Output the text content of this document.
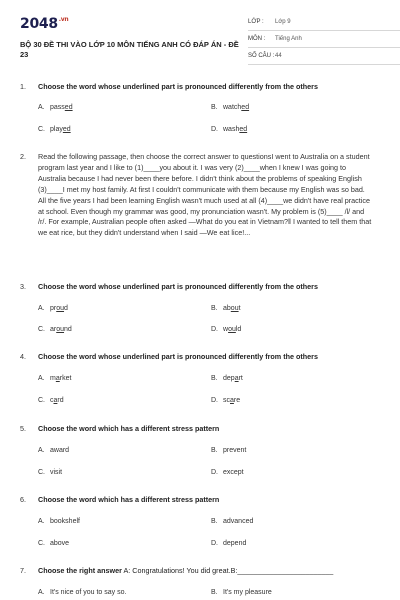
$2048^{.vn}$
BỘ 30 ĐỀ THI VÀO LỚP 10 MÔN TIẾNG ANH CÓ ĐÁP ÁN - ĐỀ 23
LỚP : Lớp 9
MÔN : Tiếng Anh
SỐ CÂU : 44
1. Choose the word whose underlined part is pronounced differently from the others
A. passed	B. watched
C. played	D. washed
2. Read the following passage, then choose the correct answer to questionsI went to Australia on a student program last year and I like to (1)____you about it. I was very (2)____when I knew I was going to Australia because I had never been there before. I didn't think about the problems of speaking English (3)____I met my host family. At first I couldn't communicate with them because my English was so bad. All the five years I had been learning English wasn't much used at all (4)____we didn't have real practice at school. Even though my grammar was good, my pronunciation wasn't. My problem is (5)____ /l/ and /r/. For example, Australian people often asked —What do you eat in Vietnam?‖ I wanted to tell them that we eat rice, but they didn't understand when I said —We eat lice!...
3. Choose the word whose underlined part is pronounced differently from the others
A. proud	B. about
C. around	D. would
4. Choose the word whose underlined part is pronounced differently from the others
A. market	B. depart
C. card	D. scare
5. Choose the word which has a different stress pattern
A. award	B. prevent
C. visit	D. except
6. Choose the word which has a different stress pattern
A. bookshelf	B. advanced
C. above	D. depend
7. Choose the right answer A: Congratulations! You did great.B:________________________
A. It's nice of you to say so.	B. It's my pleasure
